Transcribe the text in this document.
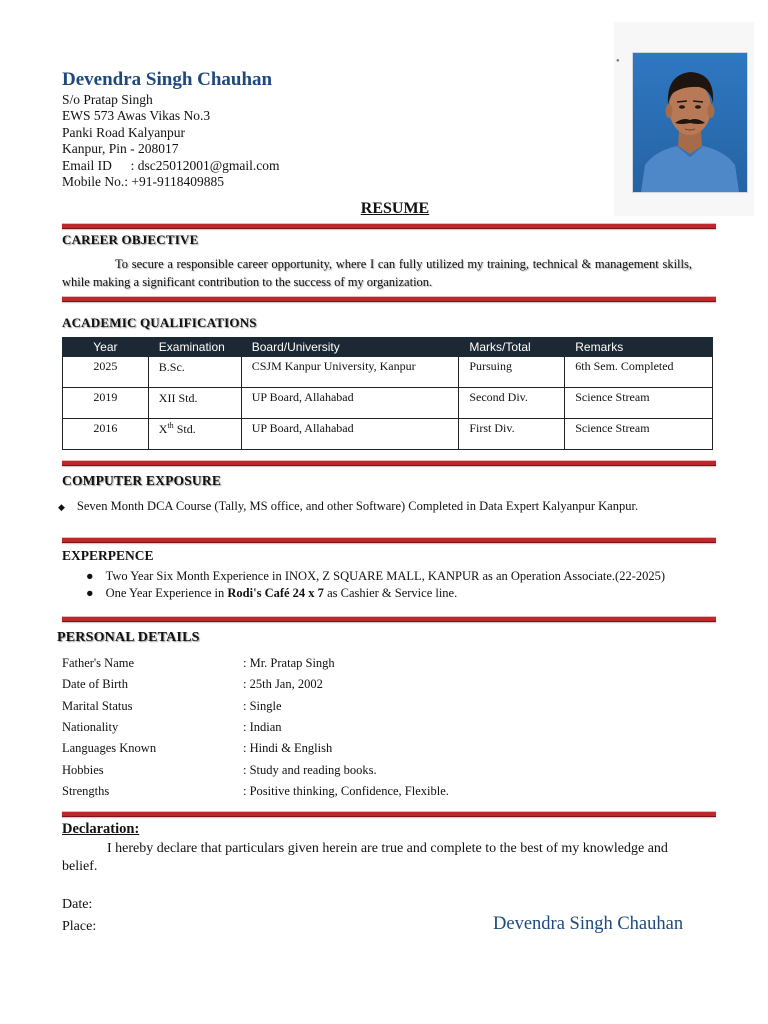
Devendra Singh Chauhan
S/o Pratap Singh
EWS 573 Awas Vikas No.3
Panki Road Kalyanpur
Kanpur, Pin - 208017
Email ID : dsc25012001@gmail.com
Mobile No.: +91-9118409885
●
RESUME
CAREER OBJECTIVE
To secure a responsible career opportunity, where I can fully utilized my training, technical & management skills, while making a significant contribution to the success of my organization.
ACADEMIC QUALIFICATIONS
Year	Examination	Board/University	Marks/Total	Remarks
2025	B.Sc.	CSJM Kanpur University, Kanpur	Pursuing	6th Sem. Completed
2019	XII Std.	UP Board, Allahabad	Second Div.	Science Stream
2016	Xth Std.	UP Board, Allahabad	First Div.	Science Stream
COMPUTER EXPOSURE
◆ Seven Month DCA Course (Tally, MS office, and other Software) Completed in Data Expert Kalyanpur Kanpur.
EXPERPENCE
● Two Year Six Month Experience in INOX, Z SQUARE MALL, KANPUR as an Operation Associate.(22-2025)
● One Year Experience in Rodi's Café 24 x 7 as Cashier & Service line.
PERSONAL DETAILS
Father's Name	: Mr. Pratap Singh
Date of Birth	: 25th Jan, 2002
Marital Status	: Single
Nationality	: Indian
Languages Known	: Hindi & English
Hobbies	: Study and reading books.
Strengths	: Positive thinking, Confidence, Flexible.
Declaration:
I hereby declare that particulars given herein are true and complete to the best of my knowledge and belief.
Date:
Place:	Devendra Singh Chauhan
